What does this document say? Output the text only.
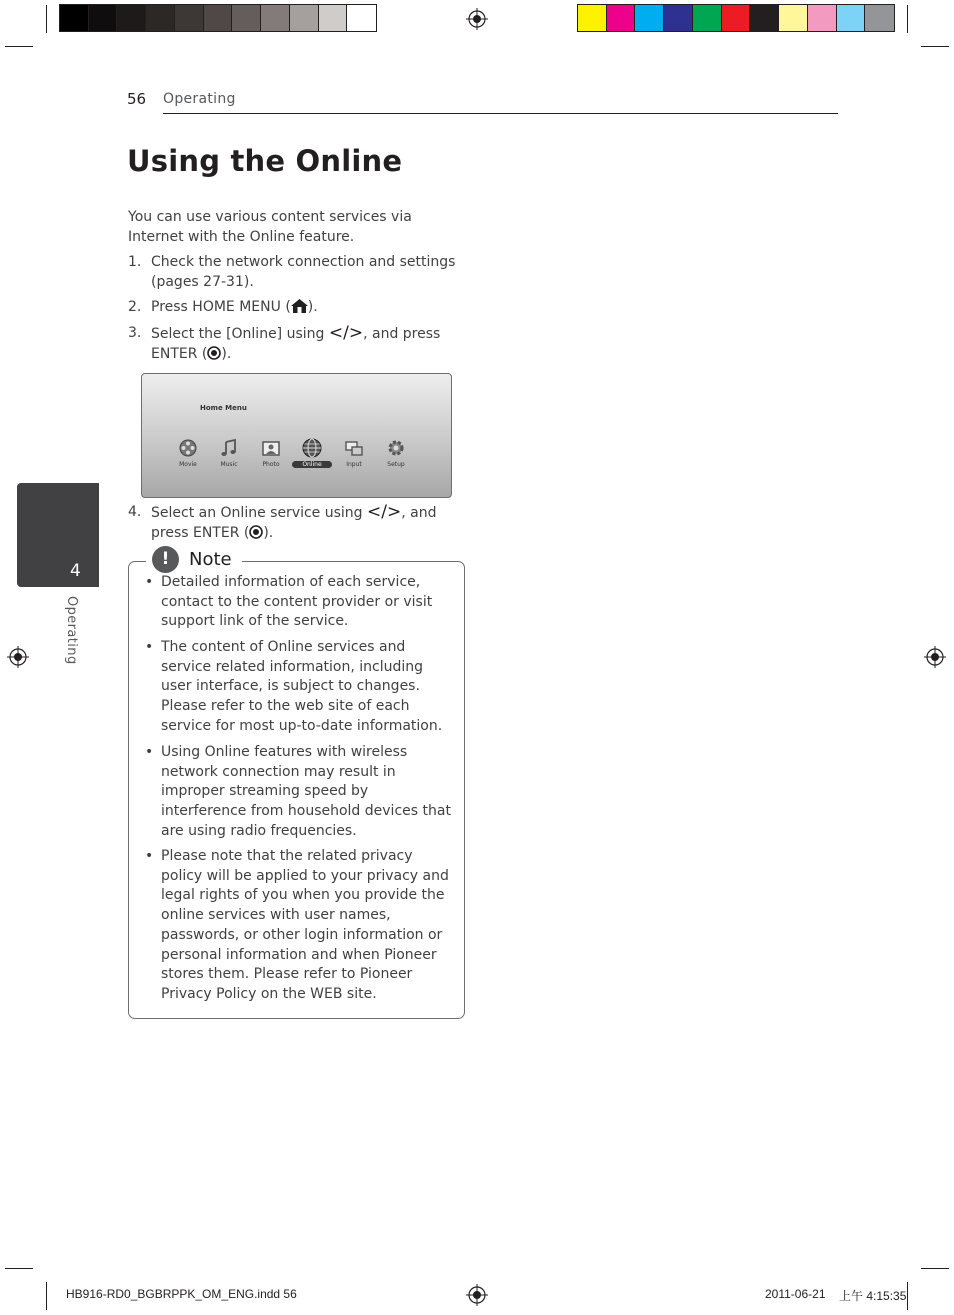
56 Operating
Using the Online
You can use various content services via Internet with the Online feature.
1. Check the network connection and settings (pages 27-31).
2. Press HOME MENU ( ).
3. Select the [Online] using </>, and press ENTER ( ).
Home Menu
Movie	Music	Photo	Online	Input	Setup
4. Select an Online service using </>, and press ENTER ( ).
4
Operating
!	Note
• Detailed information of each service, contact to the content provider or visit support link of the service.
• The content of Online services and service related information, including user interface, is subject to changes. Please refer to the web site of each service for most up-to-date information.
• Using Online features with wireless network connection may result in improper streaming speed by interference from household devices that are using radio frequencies.
• Please note that the related privacy policy will be applied to your privacy and legal rights of you when you provide the online services with user names, passwords, or other login information or personal information and when Pioneer stores them. Please refer to Pioneer Privacy Policy on the WEB site.
HB916-RD0_BGBRPPK_OM_ENG.indd 56	2011-06-21 上午 4:15:35
